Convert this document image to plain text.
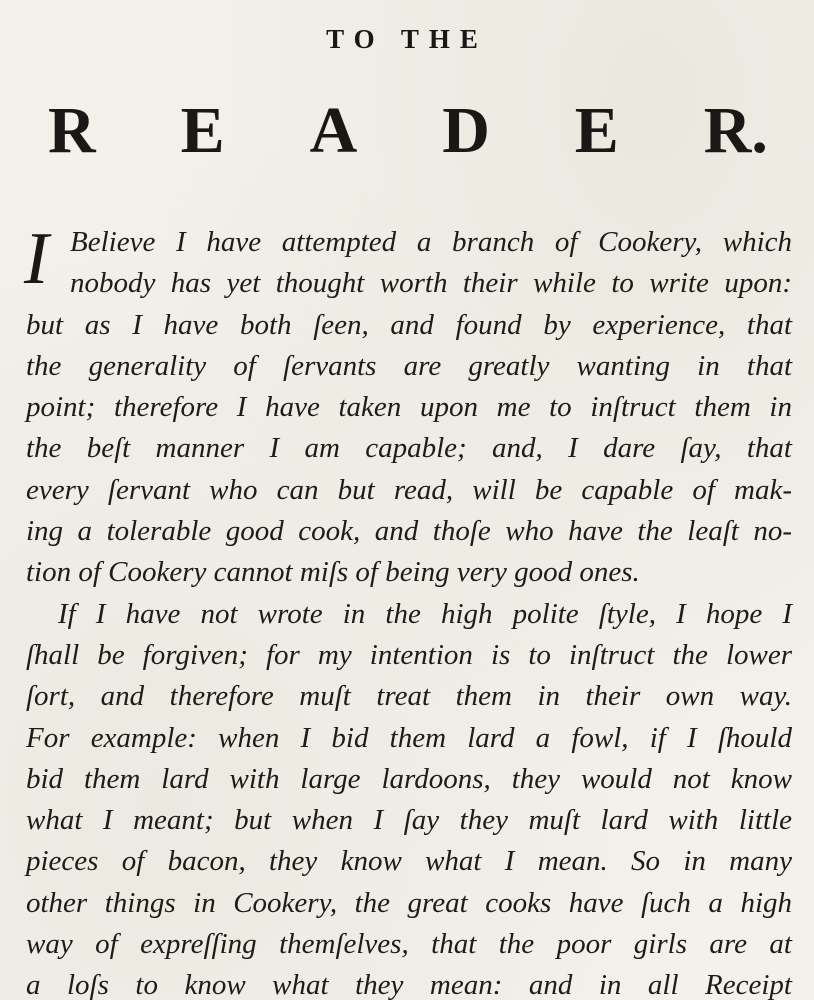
TO THE
R E A D E R.
I Believe I have attempted a branch of Cookery, which
nobody has yet thought worth their while to write upon:
but as I have both ſeen, and found by experience, that
the generality of ſervants are greatly wanting in that
point; therefore I have taken upon me to inſtruct them in
the beſt manner I am capable; and, I dare ſay, that
every ſervant who can but read, will be capable of mak-
ing a tolerable good cook, and thoſe who have the leaſt no-
tion of Cookery cannot miſs of being very good ones.
If I have not wrote in the high polite ſtyle, I hope I
ſhall be forgiven; for my intention is to inſtruct the lower
ſort, and therefore muſt treat them in their own way.
For example: when I bid them lard a fowl, if I ſhould
bid them lard with large lardoons, they would not know
what I meant; but when I ſay they muſt lard with little
pieces of bacon, they know what I mean. So in many
other things in Cookery, the great cooks have ſuch a high
way of expreſſing themſelves, that the poor girls are at
a loſs to know what they mean: and in all Receipt
